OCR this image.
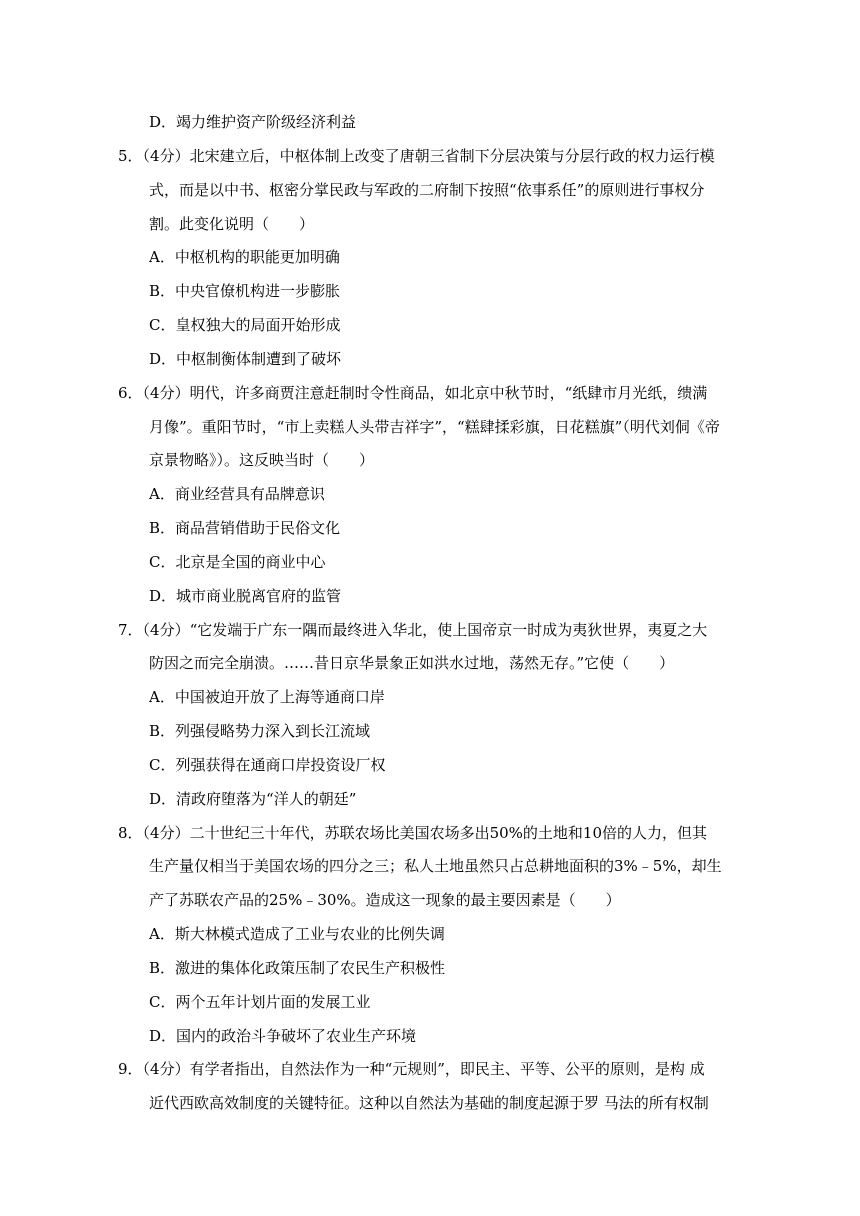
D．竭力维护资产阶级经济利益
5．（4分）北宋建立后，中枢体制上改变了唐朝三省制下分层决策与分层行政的权力运行模
式，而是以中书、枢密分掌民政与军政的二府制下按照“依事系任”的原则进行事权分
割。此变化说明（　　）
A．中枢机构的职能更加明确
B．中央官僚机构进一步膨胀
C．皇权独大的局面开始形成
D．中枢制衡体制遭到了破坏
6．（4分）明代，许多商贾注意赶制时令性商品，如北京中秋节时，“纸肆市月光纸，缋满
月像”。重阳节时，“市上卖糕人头带吉祥字”，“糕肆揉彩旗，日花糕旗”（明代刘侗《帝
京景物略》）。这反映当时（　　）
A．商业经营具有品牌意识
B．商品营销借助于民俗文化
C．北京是全国的商业中心
D．城市商业脱离官府的监管
7．（4分）“它发端于广东一隅而最终进入华北，使上国帝京一时成为夷狄世界，夷夏之大
防因之而完全崩溃。……昔日京华景象正如洪水过地，荡然无存。”它使（　　）
A．中国被迫开放了上海等通商口岸
B．列强侵略势力深入到长江流域
C．列强获得在通商口岸投资设厂权
D．清政府堕落为“洋人的朝廷”
8．（4分）二十世纪三十年代，苏联农场比美国农场多出50%的土地和10倍的人力，但其
生产量仅相当于美国农场的四分之三；私人土地虽然只占总耕地面积的3%﹣5%，却生
产了苏联农产品的25%﹣30%。造成这一现象的最主要因素是（　　）
A．斯大林模式造成了工业与农业的比例失调
B．激进的集体化政策压制了农民生产积极性
C．两个五年计划片面的发展工业
D．国内的政治斗争破坏了农业生产环境
9．（4分）有学者指出，自然法作为一种“元规则”，即民主、平等、公平的原则，是构 成
近代西欧高效制度的关键特征。这种以自然法为基础的制度起源于罗 马法的所有权制
